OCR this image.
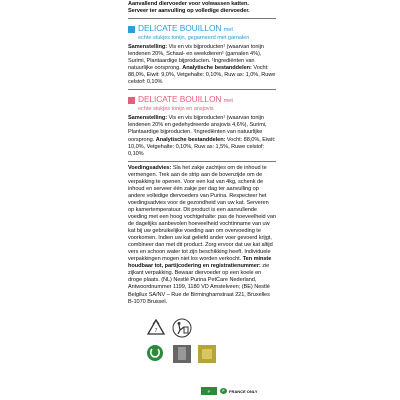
Aanvallend diervoeder voor volwassen katten.
Serveer ter aanvulling op volledige diervoeder.

DELICATE BOUILLON met
echte stukjes tonijn, gegarneerd met garnalen

Samenstelling: Vis en vis bijproducten¹ (waarvan tonijn lendenen 20%, Schaal- en weekdieren¹ (garnalen 4%), Surimi, Plantaardige bijproducten. ¹Ingrediënten van natuurlijke oorsprong. Analytische bestanddelen: Vocht: 88,0%, Eiwit: 9,0%, Vetgehalte: 0,10%, Ruw as: 1,0%, Ruwe celstof: 0,10%

DELICATE BOUILLON met
echte stukjes tonijn en ansjovis

Samenstelling: Vis en vis bijproducten¹ (waarvan tonijn lendenen 20% en gedehydreerde ansjovis 4,6%), Surimi, Plantaardige bijproducten. ¹Ingrediënten van natuurlijke oorsprong. Analytische bestanddelen: Vocht: 88,0%, Eiwit: 10,0%, Vetgehalte: 0,10%, Ruw as: 1,5%, Ruwe celstof: 0,10%

Voedingsadvies: Sla het zakje zachtjes om de inhoud te vermengen. Trek aan de strip aan de bovenzijde om de verpakking te openen. Voor een kat van 4kg, schenk de inhoud en serveer één zakje per dag ter aanvulling op andere volledige diervoeders van Purina. Respecteer het voedingsadvies voor de gezondheid van uw kat. Serveren op kamertemperatuur. Dit product is een aanvullende voeding met een hoog vochtgehalte: pas de hoeveelheid van de dagelijks aanbevolen hoeveelheid vochtinname van uw kat bij uw gebruikelijke voeding aan om overvoeding te voorkomen. Indien uw kat geliefd ander voer gevoerd krijgt, combineer dan met dit product. Zorg ervoor dat uw kat altijd vers en schoon water tot zijn beschikking heeft. Individuele verpakkingen mogen niet los worden verkocht. Ten minste houdbaar tot, partijcodering en registratienummer: zie zijkant verpakking. Bewaar diervoeder op een koele en droge plaats. (NL) Nestlé Purina PetCare Nederland, Antwoordnummer 1199, 1180 VD Amstelveen; (BE) Nestlé Belgilux SA/NV – Rue de Birminghamstraat 221, Bruxelles B-1070 Brussel.

7
P	P	FRANCE ONLY
